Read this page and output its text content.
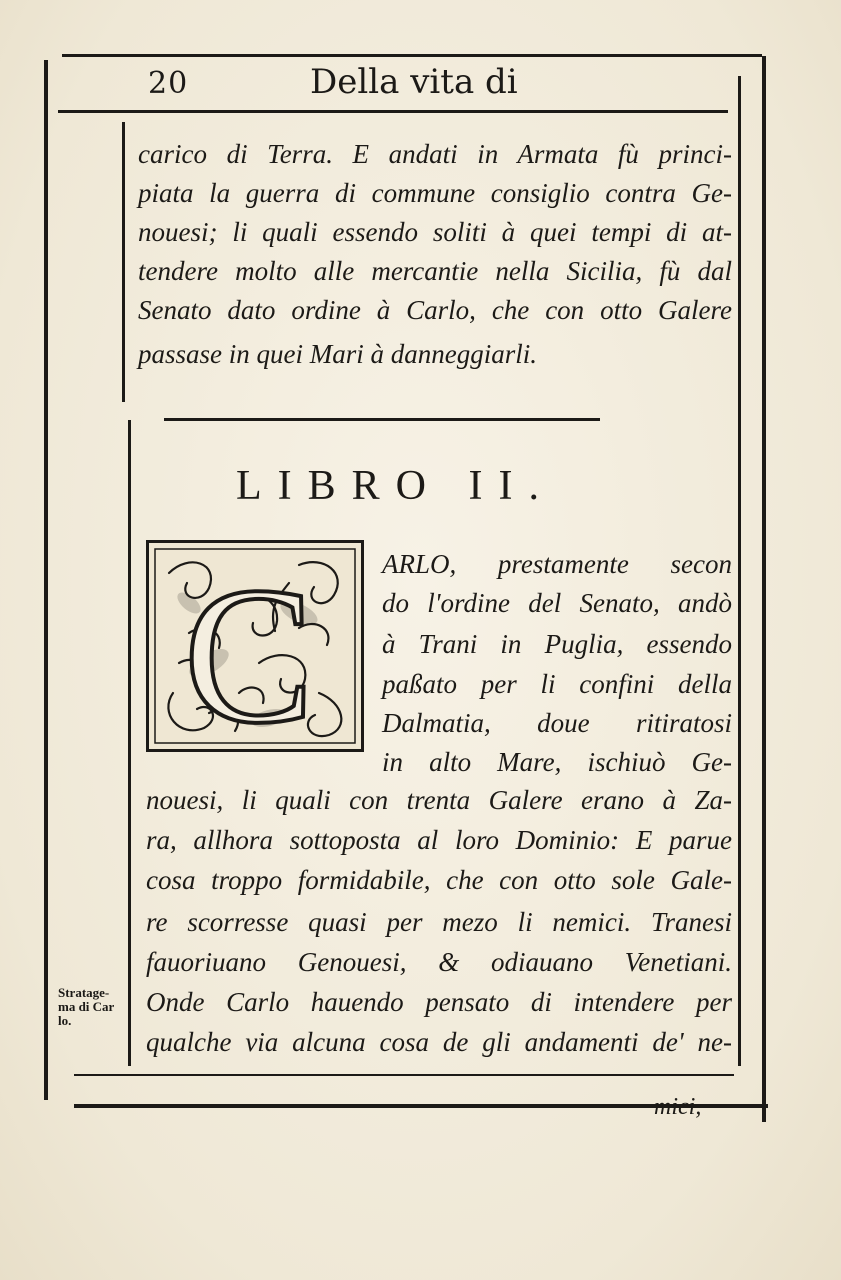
20	Della vita di
carico di Terra. E andati in Armata fù princi-
piata la guerra di commune consiglio contra Ge-
nouesi; li quali essendo soliti à quei tempi di at-
tendere molto alle mercantie nella Sicilia, fù dal
Senato dato ordine à Carlo, che con otto Galere
passase in quei Mari à danneggiarli.
LIBRO II.
C	ARLO, prestamente secon
do l'ordine del Senato, andò
à Trani in Puglia, essendo
paßato per li confini della
Dalmatia, doue ritiratosi
in alto Mare, ischiuò Ge-
nouesi, li quali con trenta Galere erano à Za-
ra, allhora sottoposta al loro Dominio: E parue
cosa troppo formidabile, che con otto sole Gale-
re scorresse quasi per mezo li nemici. Tranesi
fauoriuano Genouesi, & odiauano Venetiani.
Onde Carlo hauendo pensato di intendere per
qualche via alcuna cosa de gli andamenti de' ne-
Stratage-
ma di Car
lo.
mici,
